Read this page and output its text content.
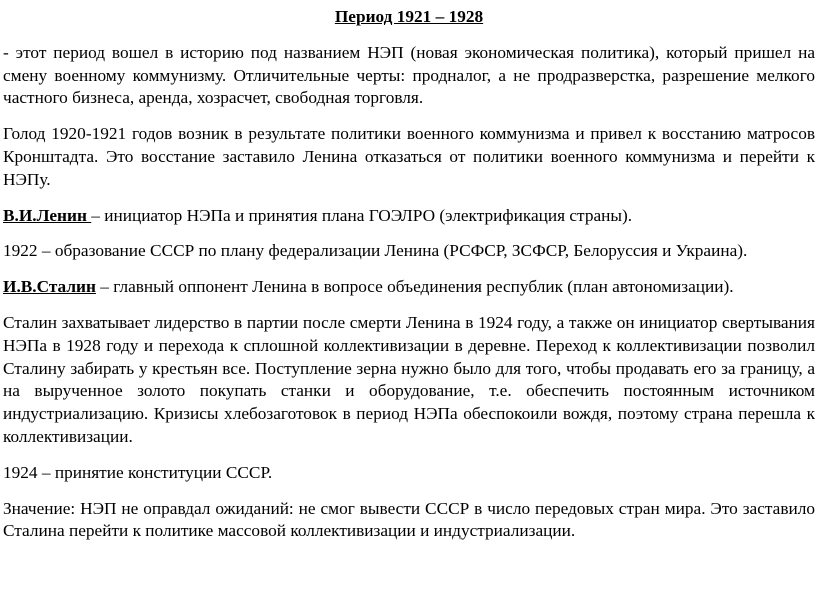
Период 1921 – 1928

- этот период вошел в историю под названием НЭП (новая экономическая политика), который пришел на смену военному коммунизму. Отличительные черты: продналог, а не продразверстка, разрешение мелкого частного бизнеса, аренда, хозрасчет, свободная торговля.

Голод 1920-1921 годов возник в результате политики военного коммунизма и привел к восстанию матросов Кронштадта. Это восстание заставило Ленина отказаться от политики военного коммунизма и перейти к НЭПу.

В.И.Ленин – инициатор НЭПа и принятия плана ГОЭЛРО (электрификация страны).

1922 – образование СССР по плану федерализации Ленина (РСФСР, ЗСФСР, Белоруссия и Украина).

И.В.Сталин – главный оппонент Ленина в вопросе объединения республик (план автономизации).

Сталин захватывает лидерство в партии после смерти Ленина в 1924 году, а также он инициатор свертывания НЭПа в 1928 году и перехода к сплошной коллективизации в деревне. Переход к коллективизации позволил Сталину забирать у крестьян все. Поступление зерна нужно было для того, чтобы продавать его за границу, а на вырученное золото покупать станки и оборудование, т.е. обеспечить постоянным источником индустриализацию. Кризисы хлебозаготовок в период НЭПа обеспокоили вождя, поэтому страна перешла к коллективизации.

1924 – принятие конституции СССР.

Значение: НЭП не оправдал ожиданий: не смог вывести СССР в число передовых стран мира. Это заставило Сталина перейти к политике массовой коллективизации и индустриализации.
